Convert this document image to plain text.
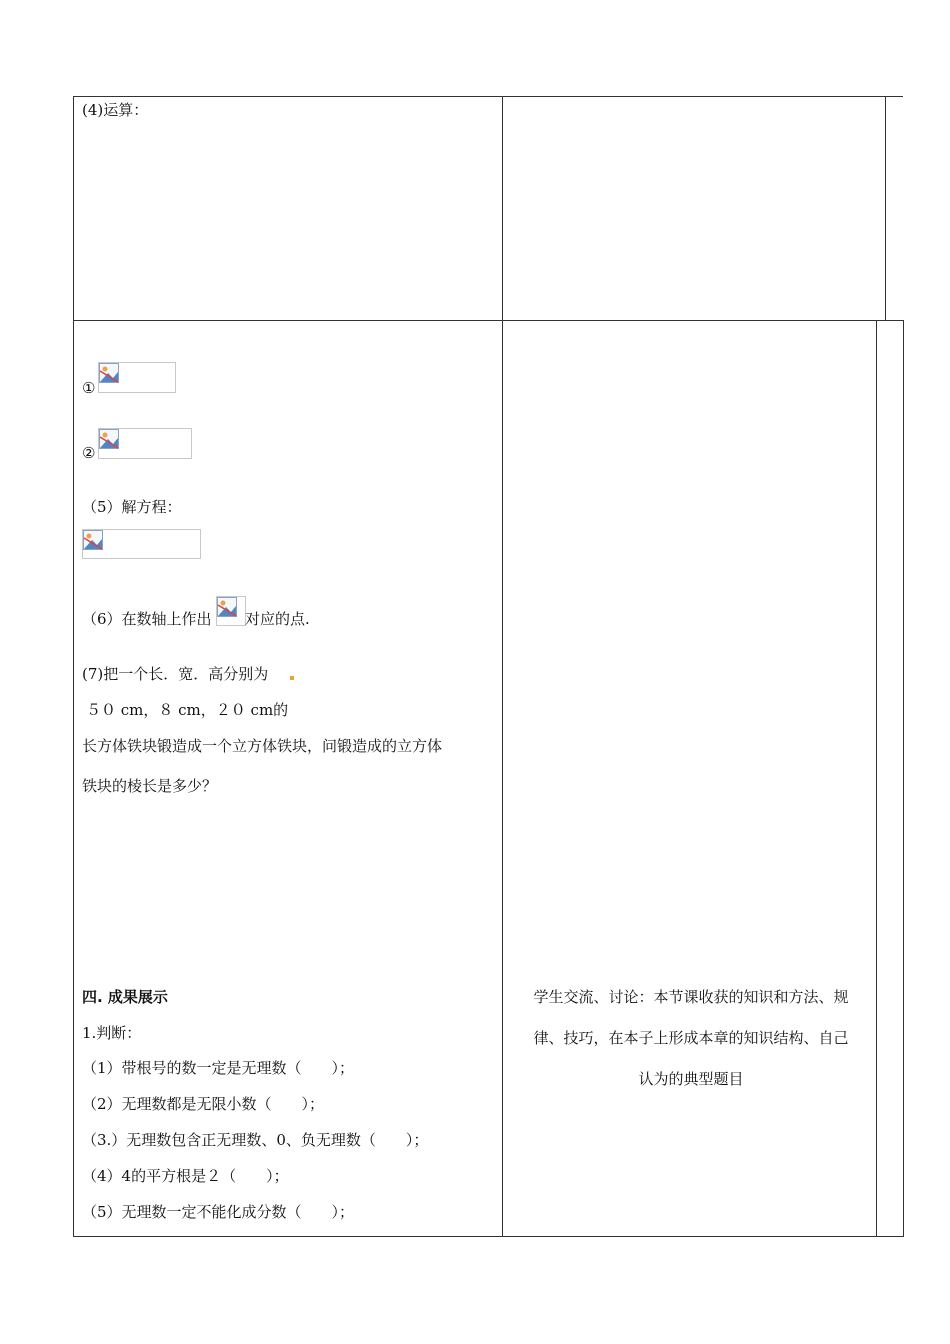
(4)运算：
①
②
（5）解方程：
（6）在数轴上作出 对应的点.
(7)把一个长．宽．高分别为
５０ cm，８ cm，２０ cm的
长方体铁块锻造成一个立方体铁块，问锻造成的立方体
铁块的棱长是多少？
四. 成果展示
1.判断：
（1）带根号的数一定是无理数（　　）；
（2）无理数都是无限小数（　　）；
（3.）无理数包含正无理数、0、负无理数（　　）；
（4）4的平方根是２（　　）；
（5）无理数一定不能化成分数（　　）；
学生交流、讨论：本节课收获的知识和方法、规
律、技巧，在本子上形成本章的知识结构、自己
认为的典型题目
